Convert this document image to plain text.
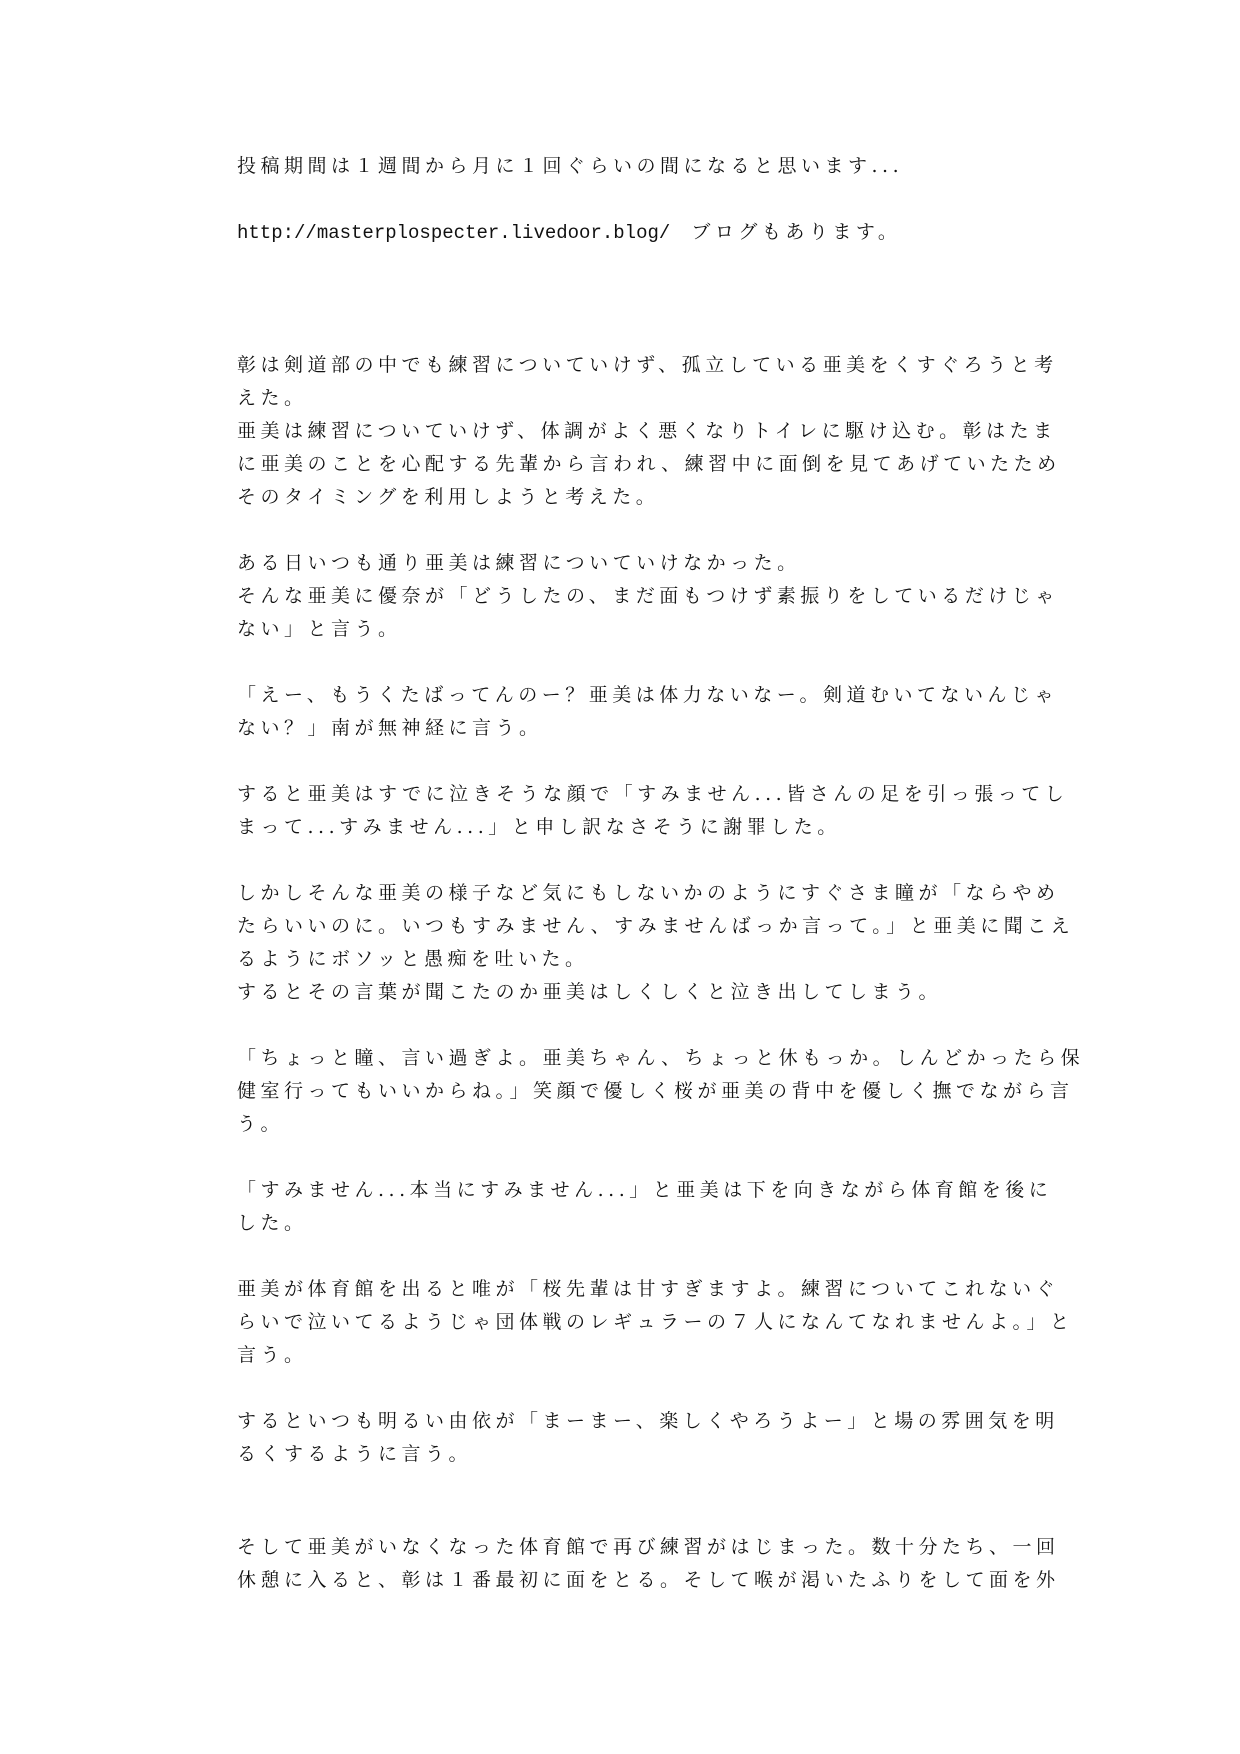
投稿期間は１週間から月に１回ぐらいの間になると思います...
http://masterplospecter.livedoor.blog/ ブログもあります。
彰は剣道部の中でも練習についていけず、孤立している亜美をくすぐろうと考
えた。
亜美は練習についていけず、体調がよく悪くなりトイレに駆け込む。彰はたま
に亜美のことを心配する先輩から言われ、練習中に面倒を見てあげていたため
そのタイミングを利用しようと考えた。
ある日いつも通り亜美は練習についていけなかった。
そんな亜美に優奈が「どうしたの、まだ面もつけず素振りをしているだけじゃ
ない」と言う。
「えー、もうくたばってんのー？亜美は体力ないなー。剣道むいてないんじゃ
ない？」南が無神経に言う。
すると亜美はすでに泣きそうな顔で「すみません...皆さんの足を引っ張ってし
まって...すみません...」と申し訳なさそうに謝罪した。
しかしそんな亜美の様子など気にもしないかのようにすぐさま瞳が「ならやめ
たらいいのに。いつもすみません、すみませんばっか言って。」と亜美に聞こえ
るようにボソッと愚痴を吐いた。
するとその言葉が聞こたのか亜美はしくしくと泣き出してしまう。
「ちょっと瞳、言い過ぎよ。亜美ちゃん、ちょっと休もっか。しんどかったら保
健室行ってもいいからね。」笑顔で優しく桜が亜美の背中を優しく撫でながら言
う。
「すみません...本当にすみません...」と亜美は下を向きながら体育館を後に
した。
亜美が体育館を出ると唯が「桜先輩は甘すぎますよ。練習についてこれないぐ
らいで泣いてるようじゃ団体戦のレギュラーの７人になんてなれませんよ。」と
言う。
するといつも明るい由依が「まーまー、楽しくやろうよー」と場の雰囲気を明
るくするように言う。
そして亜美がいなくなった体育館で再び練習がはじまった。数十分たち、一回
休憩に入ると、彰は１番最初に面をとる。そして喉が渇いたふりをして面を外
